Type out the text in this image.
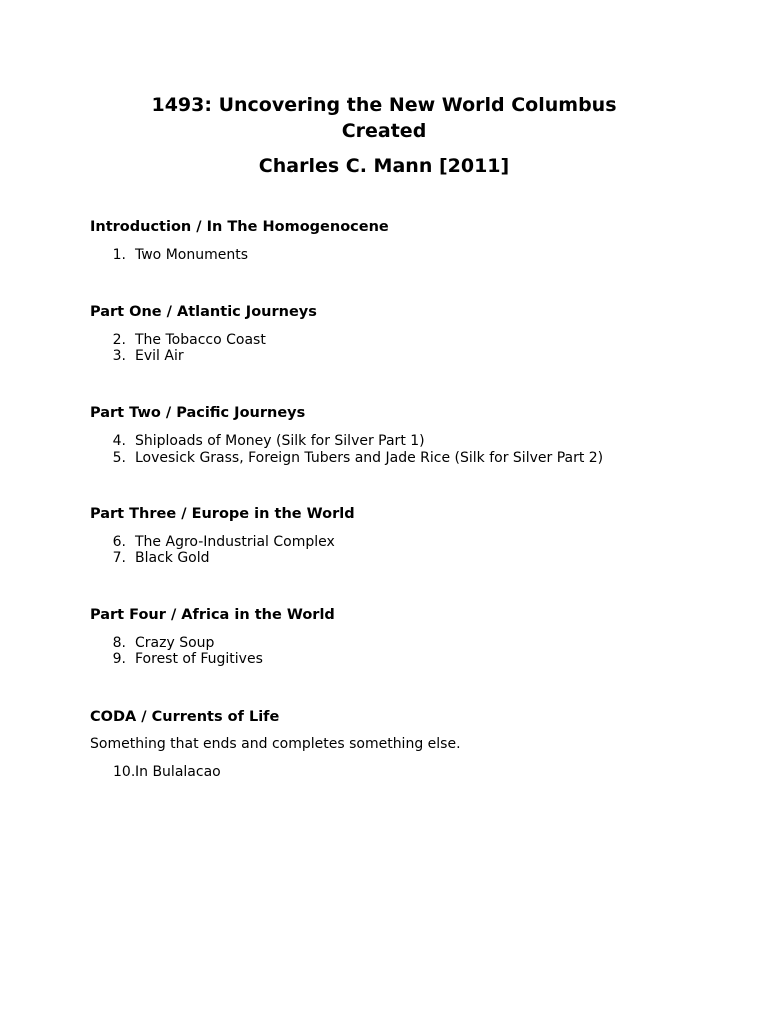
1493: Uncovering the New World Columbus
Created
Charles C. Mann [2011]
Introduction / In The Homogenocene
1. Two Monuments
Part One / Atlantic Journeys
2. The Tobacco Coast
3. Evil Air
Part Two / Pacific Journeys
4. Shiploads of Money (Silk for Silver Part 1)
5. Lovesick Grass, Foreign Tubers and Jade Rice (Silk for Silver Part 2)
Part Three / Europe in the World
6. The Agro-Industrial Complex
7. Black Gold
Part Four / Africa in the World
8. Crazy Soup
9. Forest of Fugitives
CODA / Currents of Life
Something that ends and completes something else.
10. In Bulalacao
